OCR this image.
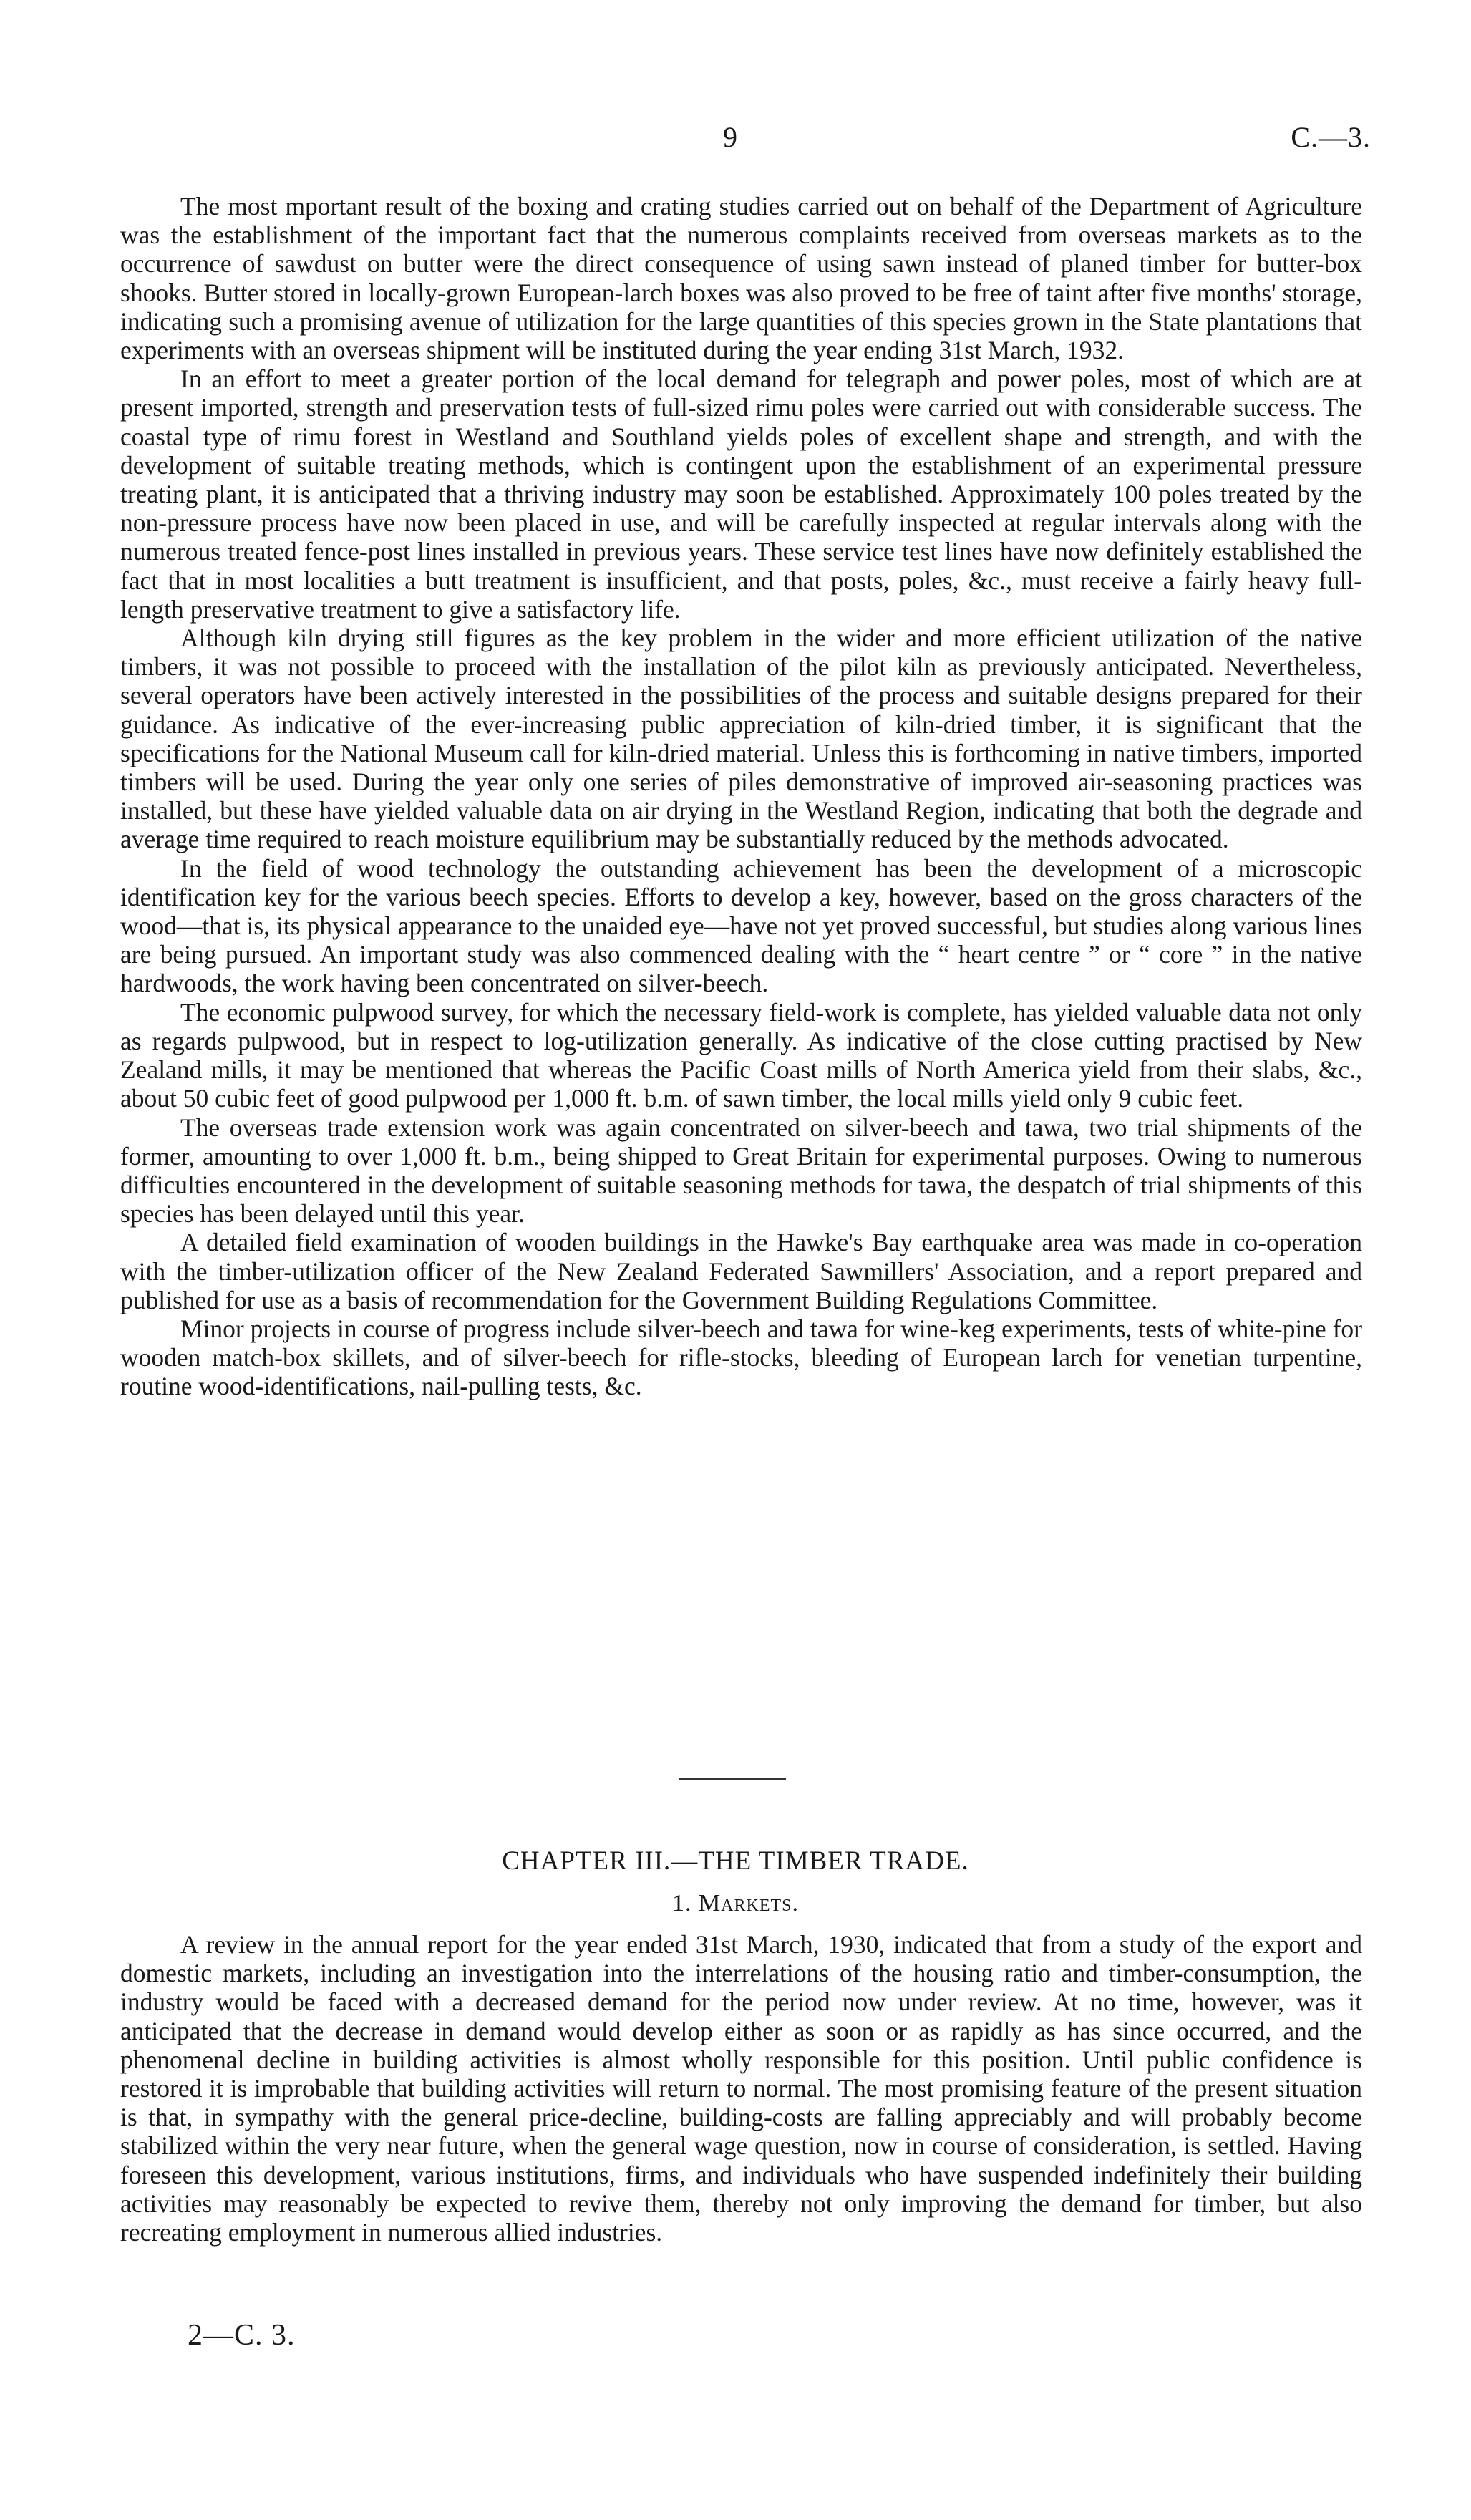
9	C.—3.

The most mportant result of the boxing and crating studies carried out on behalf of the Department of Agriculture was the establishment of the important fact that the numerous complaints received from overseas markets as to the occurrence of sawdust on butter were the direct consequence of using sawn instead of planed timber for butter-box shooks. Butter stored in locally-grown European-larch boxes was also proved to be free of taint after five months' storage, indicating such a promising avenue of utilization for the large quantities of this species grown in the State plantations that experiments with an overseas shipment will be instituted during the year ending 31st March, 1932.

In an effort to meet a greater portion of the local demand for telegraph and power poles, most of which are at present imported, strength and preservation tests of full-sized rimu poles were carried out with considerable success. The coastal type of rimu forest in Westland and Southland yields poles of excellent shape and strength, and with the development of suitable treating methods, which is contingent upon the establishment of an experimental pressure treating plant, it is anticipated that a thriving industry may soon be established. Approximately 100 poles treated by the non-pressure process have now been placed in use, and will be carefully inspected at regular intervals along with the numerous treated fence-post lines installed in previous years. These service test lines have now definitely established the fact that in most localities a butt treatment is insufficient, and that posts, poles, &c., must receive a fairly heavy full-length preservative treatment to give a satisfactory life.

Although kiln drying still figures as the key problem in the wider and more efficient utilization of the native timbers, it was not possible to proceed with the installation of the pilot kiln as previously anticipated. Nevertheless, several operators have been actively interested in the possibilities of the process and suitable designs prepared for their guidance. As indicative of the ever-increasing public appreciation of kiln-dried timber, it is significant that the specifications for the National Museum call for kiln-dried material. Unless this is forthcoming in native timbers, imported timbers will be used. During the year only one series of piles demonstrative of improved air-seasoning practices was installed, but these have yielded valuable data on air drying in the Westland Region, indicating that both the degrade and average time required to reach moisture equilibrium may be substantially reduced by the methods advocated.

In the field of wood technology the outstanding achievement has been the development of a microscopic identification key for the various beech species. Efforts to develop a key, however, based on the gross characters of the wood—that is, its physical appearance to the unaided eye—have not yet proved successful, but studies along various lines are being pursued. An important study was also commenced dealing with the “ heart centre ” or “ core ” in the native hardwoods, the work having been concentrated on silver-beech.

The economic pulpwood survey, for which the necessary field-work is complete, has yielded valuable data not only as regards pulpwood, but in respect to log-utilization generally. As indicative of the close cutting practised by New Zealand mills, it may be mentioned that whereas the Pacific Coast mills of North America yield from their slabs, &c., about 50 cubic feet of good pulpwood per 1,000 ft. b.m. of sawn timber, the local mills yield only 9 cubic feet.

The overseas trade extension work was again concentrated on silver-beech and tawa, two trial shipments of the former, amounting to over 1,000 ft. b.m., being shipped to Great Britain for experimental purposes. Owing to numerous difficulties encountered in the development of suitable seasoning methods for tawa, the despatch of trial shipments of this species has been delayed until this year.

A detailed field examination of wooden buildings in the Hawke's Bay earthquake area was made in co-operation with the timber-utilization officer of the New Zealand Federated Sawmillers' Association, and a report prepared and published for use as a basis of recommendation for the Government Building Regulations Committee.

Minor projects in course of progress include silver-beech and tawa for wine-keg experiments, tests of white-pine for wooden match-box skillets, and of silver-beech for rifle-stocks, bleeding of European larch for venetian turpentine, routine wood-identifications, nail-pulling tests, &c.

CHAPTER III.—THE TIMBER TRADE.
1. Markets.

A review in the annual report for the year ended 31st March, 1930, indicated that from a study of the export and domestic markets, including an investigation into the interrelations of the housing ratio and timber-consumption, the industry would be faced with a decreased demand for the period now under review. At no time, however, was it anticipated that the decrease in demand would develop either as soon or as rapidly as has since occurred, and the phenomenal decline in building activities is almost wholly responsible for this position. Until public confidence is restored it is improbable that building activities will return to normal. The most promising feature of the present situation is that, in sympathy with the general price-decline, building-costs are falling appreciably and will probably become stabilized within the very near future, when the general wage question, now in course of consideration, is settled. Having foreseen this development, various institutions, firms, and individuals who have suspended indefinitely their building activities may reasonably be expected to revive them, thereby not only improving the demand for timber, but also recreating employment in numerous allied industries.

2—C. 3.
